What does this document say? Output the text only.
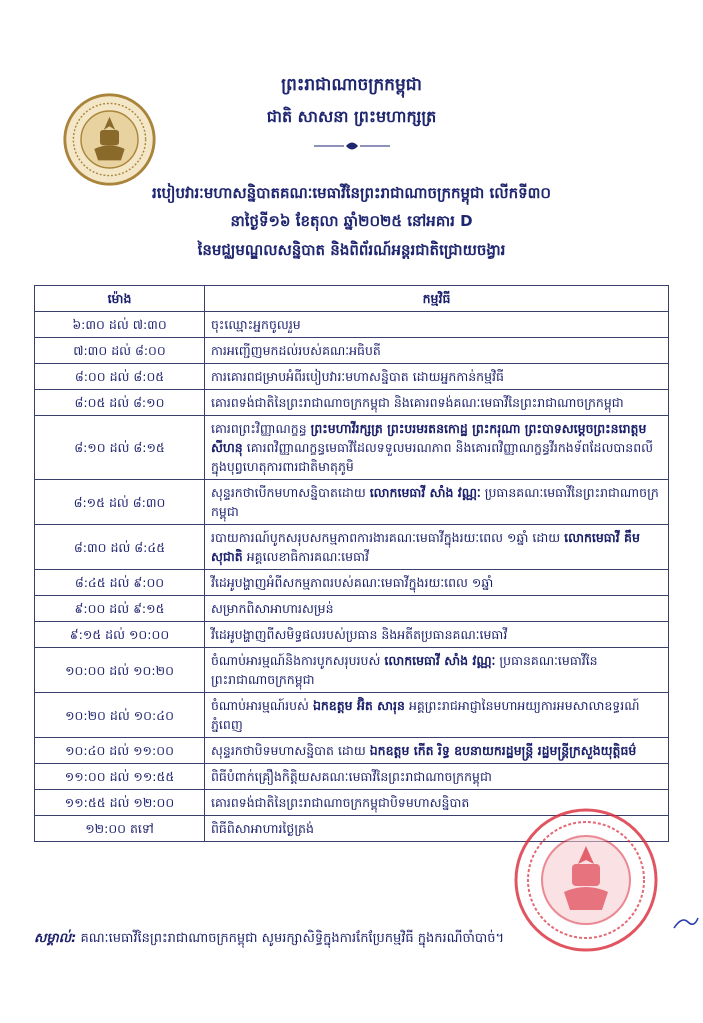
ព្រះរាជាណាចក្រកម្ពុជា
ជាតិ សាសនា ព្រះមហាក្សត្រ
របៀបវារៈមហាសន្និបាតគណៈមេធាវីនៃព្រះរាជាណាចក្រកម្ពុជា លើកទី៣០
នាថ្ងៃទី១៦ ខែតុលា ឆ្នាំ២០២៥ នៅអគារ D
នៃមជ្ឈមណ្ឌលសន្និបាត និងពិព័រណ៍អន្តរជាតិជ្រោយចង្វារ
ម៉ោង	កម្មវិធី
៦:៣០ ដល់ ៧:៣០	ចុះឈ្មោះអ្នកចូលរួម
៧:៣០ ដល់ ៨:០០	ការអញ្ជើញមកដល់របស់គណៈអធិបតី
៨:០០ ដល់ ៨:០៥	ការគោរពជម្រាបអំពីរបៀបវារៈមហាសន្និបាត ដោយអ្នកកាន់កម្មវិធី
៨:០៥ ដល់ ៨:១០	គោរពទង់ជាតិនៃព្រះរាជាណាចក្រកម្ពុជា និងគោរពទង់គណៈមេធាវីនៃព្រះរាជាណាចក្រកម្ពុជា
៨:១០ ដល់ ៨:១៥	គោរពព្រះវិញ្ញាណក្ខន្ធ ព្រះមហាវីរក្សត្រ ព្រះបរមរតនកោដ្ឋ ព្រះករុណា ព្រះបាទសម្តេចព្រះនរោត្តម សីហនុ គោរពវិញ្ញាណក្ខន្ធមេធាវីដែលទទួលមរណភាព និងគោរពវិញ្ញាណក្ខន្ធវីរកងទ័ពដែលបានពលីក្នុងបុព្វហេតុការពារជាតិមាតុភូមិ
៨:១៥ ដល់ ៨:៣០	សុន្ទរកថាបើកមហាសន្និបាតដោយ លោកមេធាវី សាំង វណ្ណៈ ប្រធានគណៈមេធាវីនៃព្រះរាជាណាចក្រកម្ពុជា
៨:៣០ ដល់ ៨:៤៥	របាយការណ៍បូកសរុបសកម្មភាពការងារគណៈមេធាវីក្នុងរយៈពេល ១ឆ្នាំ ដោយ លោកមេធាវី គឹម សុជាតិ អគ្គលេខាធិការគណៈមេធាវី
៨:៤៥ ដល់ ៩:០០	វីដេអូបង្ហាញអំពីសកម្មភាពរបស់គណៈមេធាវីក្នុងរយៈពេល ១ឆ្នាំ
៩:០០ ដល់ ៩:១៥	សម្រាកពិសាអាហារសម្រន់
៩:១៥ ដល់ ១០:០០	វីដេអូបង្ហាញពីសមិទ្ធផលរបស់ប្រធាន និងអតីតប្រធានគណៈមេធាវី
១០:០០ ដល់ ១០:២០	ចំណាប់អារម្មណ៍និងការបូកសរុបរបស់ លោកមេធាវី សាំង វណ្ណៈ ប្រធានគណៈមេធាវីនៃព្រះរាជាណាចក្រកម្ពុជា
១០:២០ ដល់ ១០:៤០	ចំណាប់អារម្មណ៍របស់ ឯកឧត្តម អ៊ិត សារុន អគ្គព្រះរាជអាជ្ញានៃមហាអយ្យការអមសាលាឧទ្ធរណ៍ភ្នំពេញ
១០:៤០ ដល់ ១១:០០	សុន្ទរកថាបិទមហាសន្និបាត ដោយ ឯកឧត្តម កើត រិទ្ធ ឧបនាយករដ្ឋមន្ត្រី រដ្ឋមន្ត្រីក្រសួងយុត្តិធម៌
១១:០០ ដល់ ១១:៥៥	ពិធីបំពាក់គ្រឿងកិត្តិយសគណៈមេធាវីនៃព្រះរាជាណាចក្រកម្ពុជា
១១:៥៥ ដល់ ១២:០០	គោរពទង់ជាតិនៃព្រះរាជាណាចក្រកម្ពុជាបិទមហាសន្និបាត
១២:០០ តទៅ	ពិធីពិសាអាហារថ្ងៃត្រង់
សម្គាល់: គណៈមេធាវីនៃព្រះរាជាណាចក្រកម្ពុជា សូមរក្សាសិទ្ធិក្នុងការកែប្រែកម្មវិធី ក្នុងករណីចាំបាច់។
